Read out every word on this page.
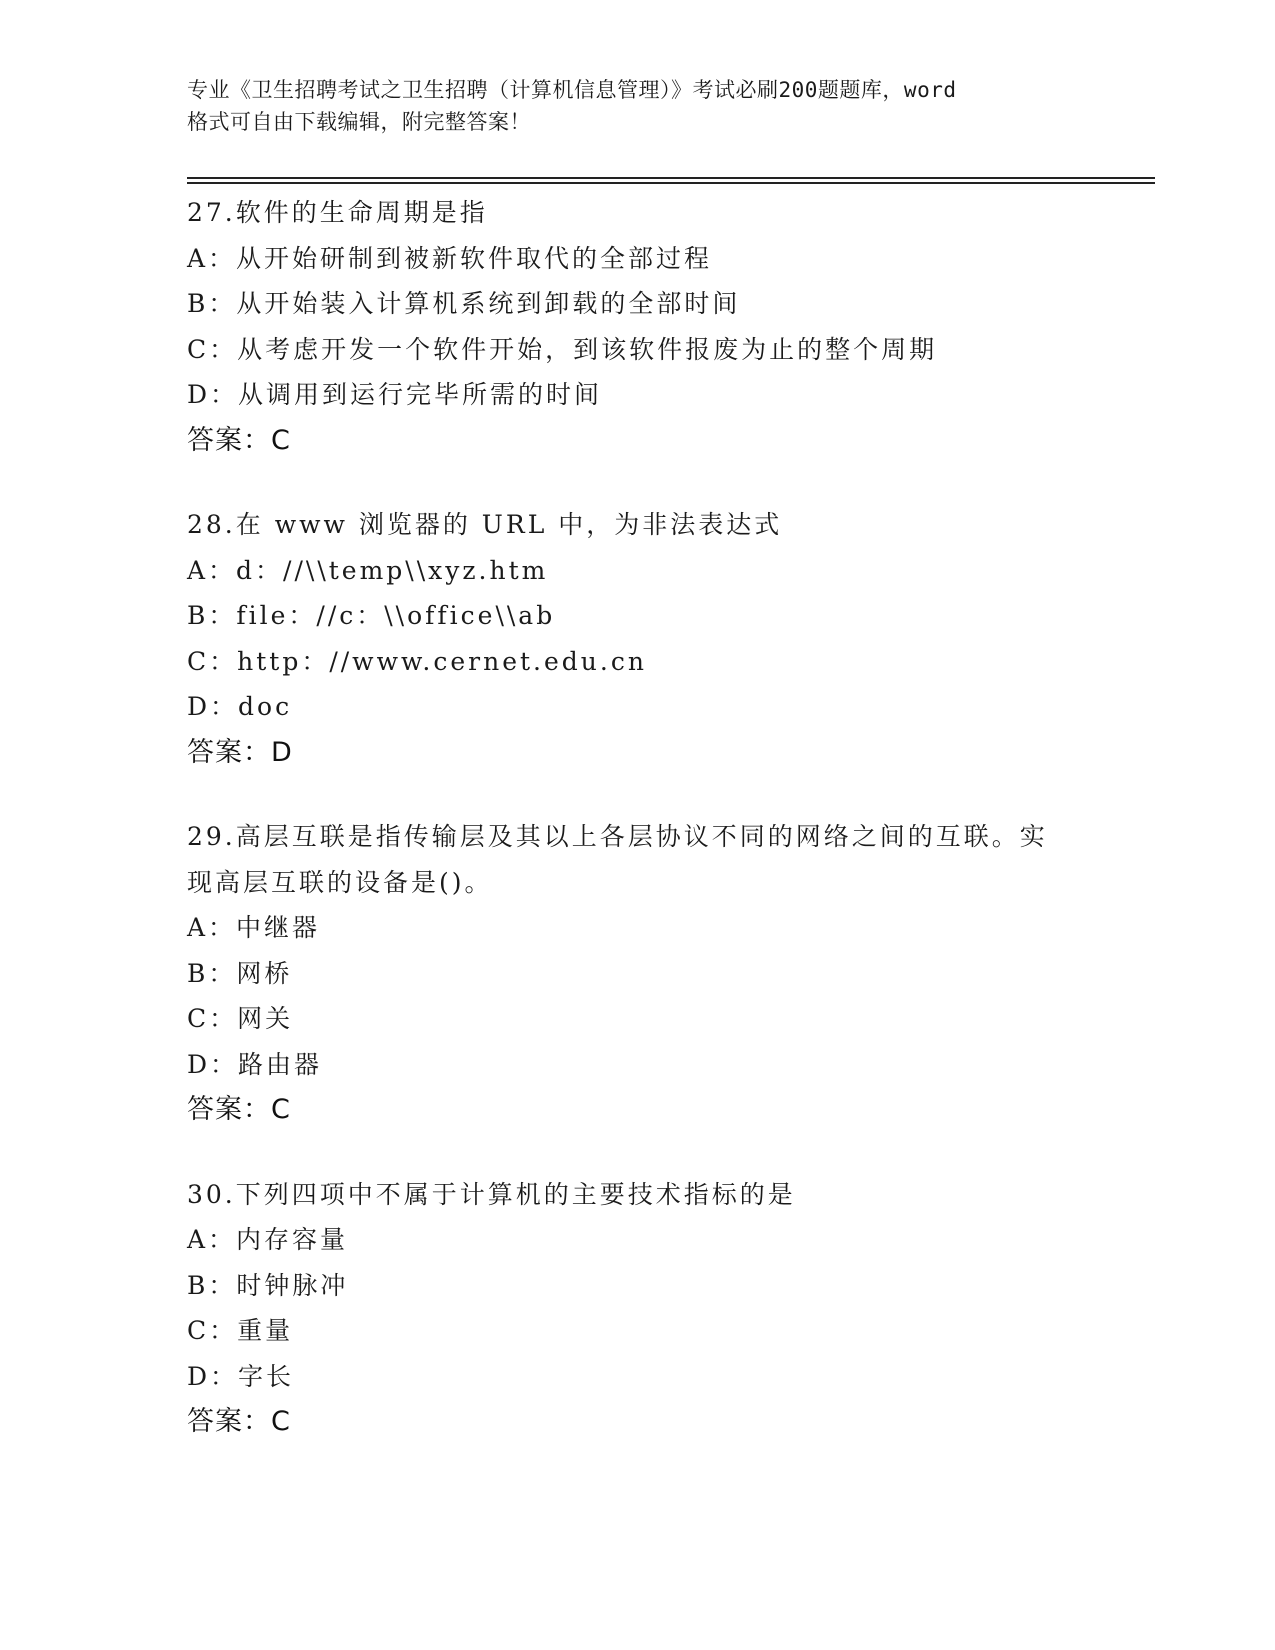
专业《卫生招聘考试之卫生招聘（计算机信息管理）》考试必刷200题题库，word
格式可自由下载编辑，附完整答案！
27.软件的生命周期是指
A：从开始研制到被新软件取代的全部过程
B：从开始装入计算机系统到卸载的全部时间
C：从考虑开发一个软件开始，到该软件报废为止的整个周期
D：从调用到运行完毕所需的时间
答案：C
28.在 www 浏览器的 URL 中，为非法表达式
A：d：//\\temp\\xyz.htm
B：file：//c：\\office\\ab
C：http：//www.cernet.edu.cn
D：doc
答案：D
29.高层互联是指传输层及其以上各层协议不同的网络之间的互联。实
现高层互联的设备是()。
A：中继器
B：网桥
C：网关
D：路由器
答案：C
30.下列四项中不属于计算机的主要技术指标的是
A：内存容量
B：时钟脉冲
C：重量
D：字长
答案：C
